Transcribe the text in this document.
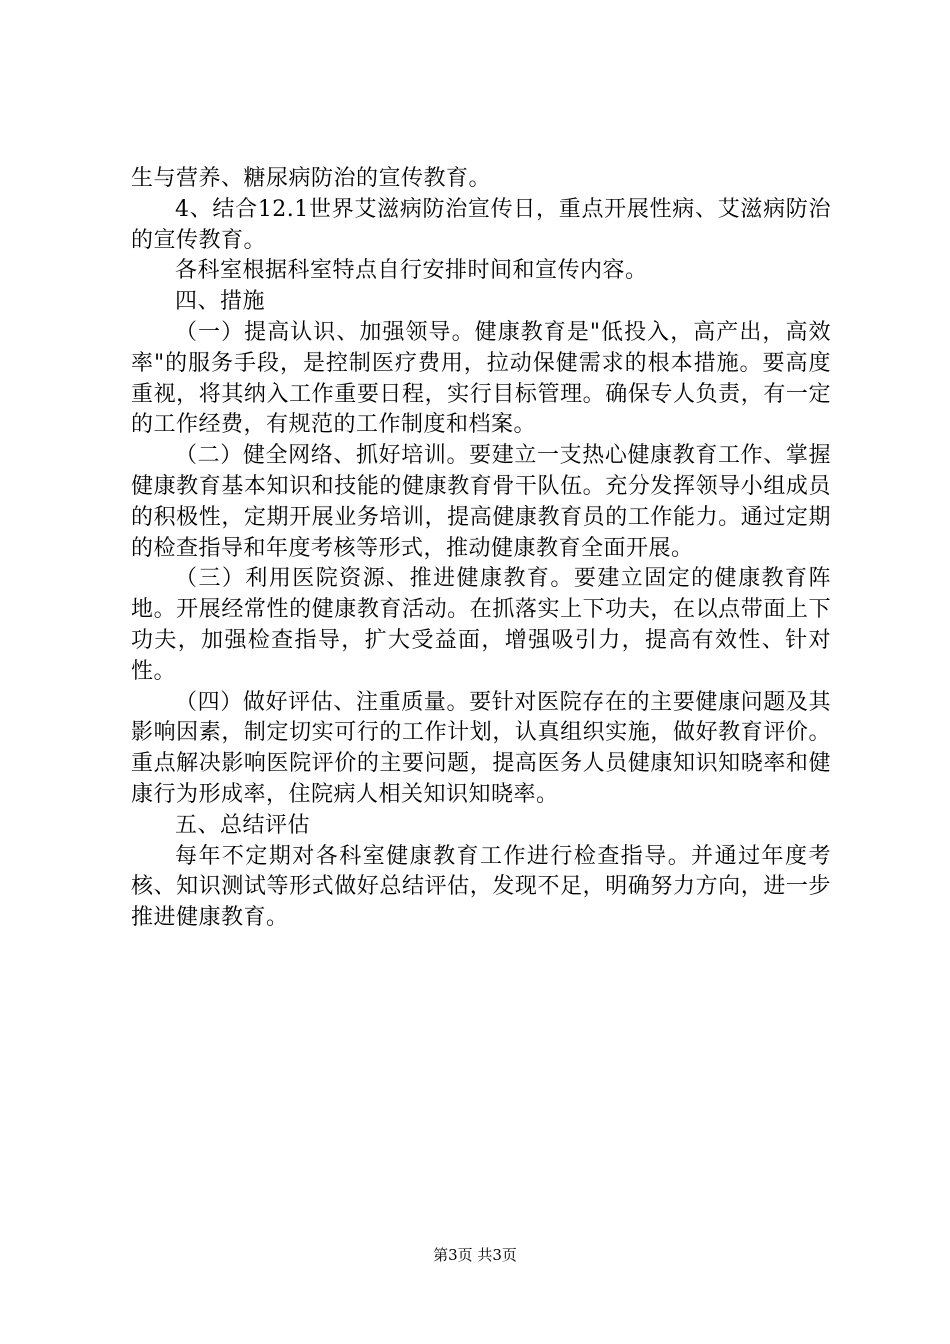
生与营养、糖尿病防治的宣传教育。

4、结合12.1世界艾滋病防治宣传日，重点开展性病、艾滋病防治的宣传教育。

各科室根据科室特点自行安排时间和宣传内容。

四、措施

（一）提高认识、加强领导。健康教育是"低投入，高产出，高效率"的服务手段，是控制医疗费用，拉动保健需求的根本措施。要高度重视，将其纳入工作重要日程，实行目标管理。确保专人负责，有一定的工作经费，有规范的工作制度和档案。

（二）健全网络、抓好培训。要建立一支热心健康教育工作、掌握健康教育基本知识和技能的健康教育骨干队伍。充分发挥领导小组成员的积极性，定期开展业务培训，提高健康教育员的工作能力。通过定期的检查指导和年度考核等形式，推动健康教育全面开展。

（三）利用医院资源、推进健康教育。要建立固定的健康教育阵地。开展经常性的健康教育活动。在抓落实上下功夫，在以点带面上下功夫，加强检查指导，扩大受益面，增强吸引力，提高有效性、针对性。

（四）做好评估、注重质量。要针对医院存在的主要健康问题及其影响因素，制定切实可行的工作计划，认真组织实施，做好教育评价。重点解决影响医院评价的主要问题，提高医务人员健康知识知晓率和健康行为形成率，住院病人相关知识知晓率。

五、总结评估

每年不定期对各科室健康教育工作进行检查指导。并通过年度考核、知识测试等形式做好总结评估，发现不足，明确努力方向，进一步推进健康教育。

第3页 共3页
